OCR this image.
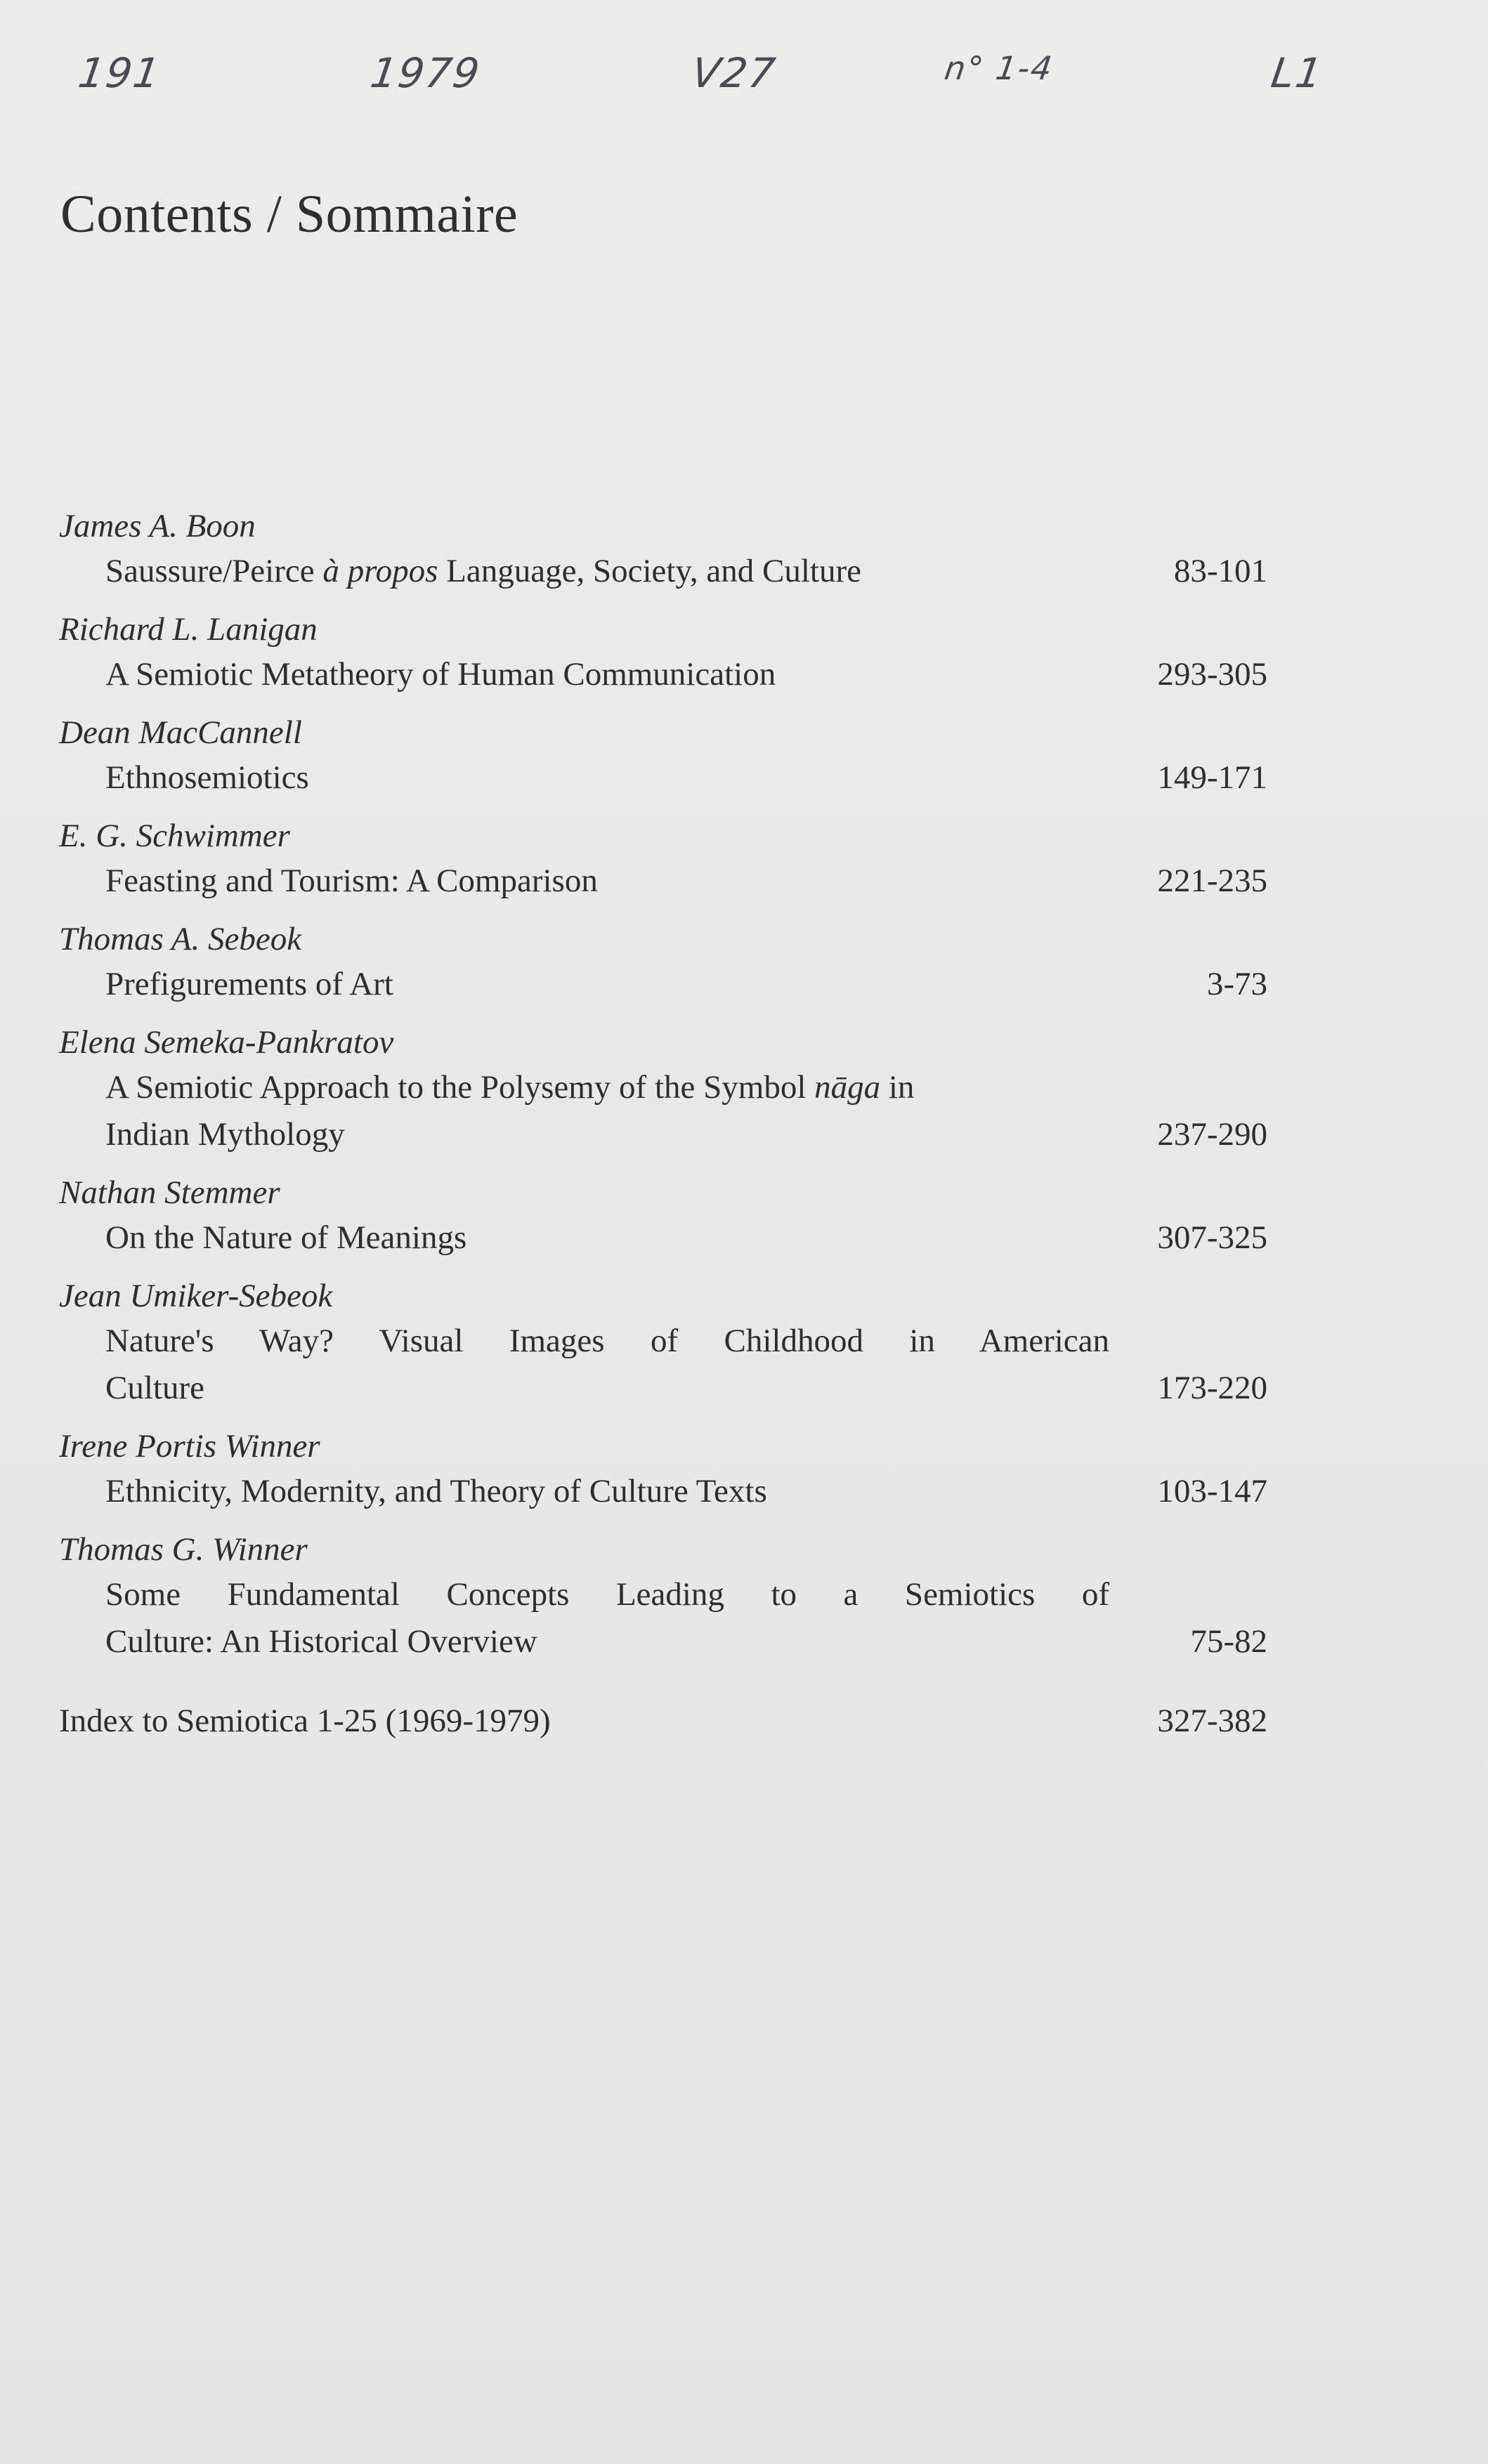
191	1979	V27	n° 1-4	L1
Contents / Sommaire
James A. Boon
Saussure/Peirce à propos Language, Society, and Culture	83-101
Richard L. Lanigan
A Semiotic Metatheory of Human Communication	293-305
Dean MacCannell
Ethnosemiotics	149-171
E. G. Schwimmer
Feasting and Tourism: A Comparison	221-235
Thomas A. Sebeok
Prefigurements of Art	3-73
Elena Semeka-Pankratov
A Semiotic Approach to the Polysemy of the Symbol nāga in
Indian Mythology	237-290
Nathan Stemmer
On the Nature of Meanings	307-325
Jean Umiker-Sebeok
Nature's Way? Visual Images of Childhood in American
Culture	173-220
Irene Portis Winner
Ethnicity, Modernity, and Theory of Culture Texts	103-147
Thomas G. Winner
Some Fundamental Concepts Leading to a Semiotics of
Culture: An Historical Overview	75-82
Index to Semiotica 1-25 (1969-1979)	327-382
